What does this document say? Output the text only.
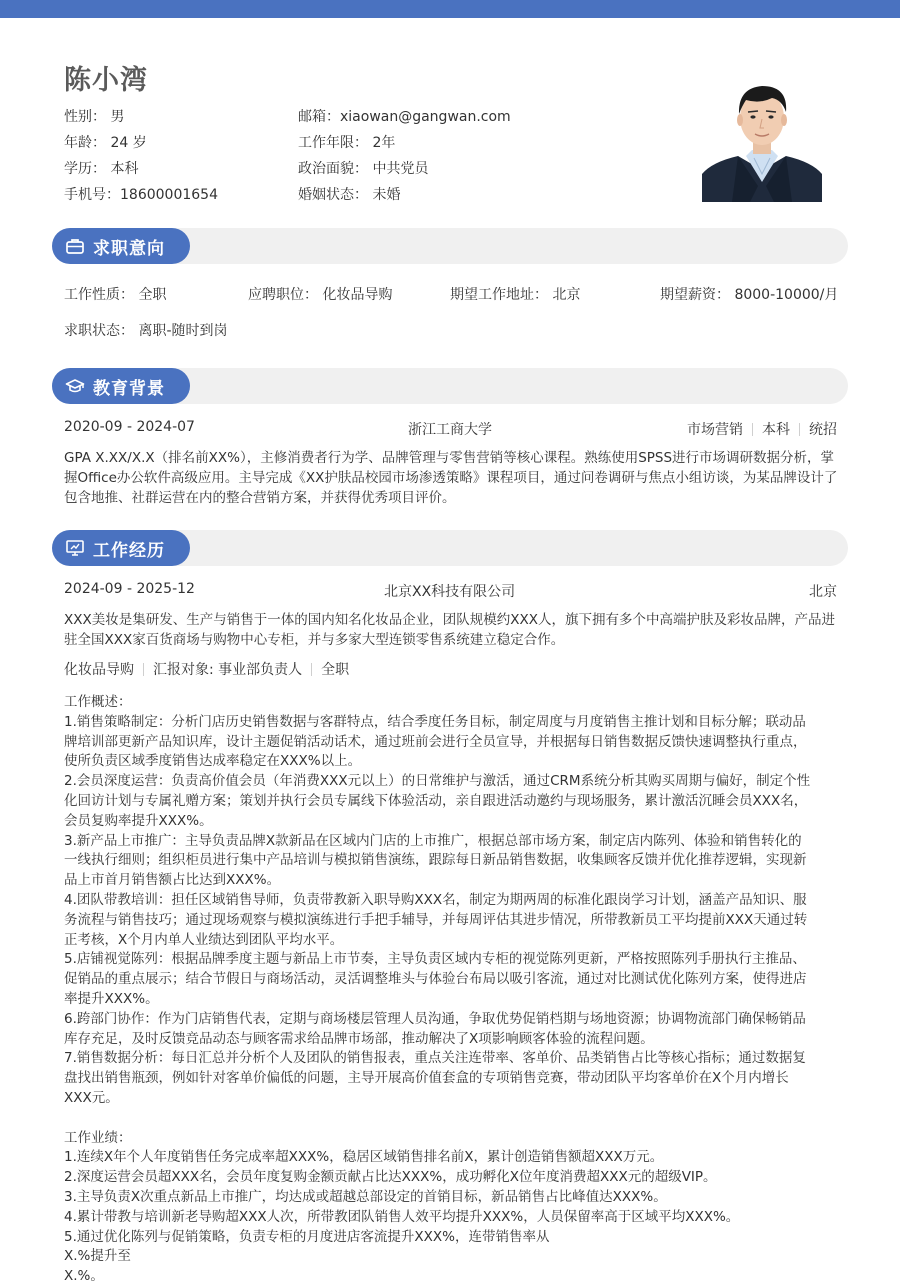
陈小湾
性别： 男	邮箱：xiaowan@gangwan.com
年龄： 24 岁	工作年限： 2年
学历： 本科	政治面貌： 中共党员
手机号：18600001654	婚姻状态： 未婚
求职意向
工作性质： 全职	应聘职位： 化妆品导购	期望工作地址： 北京	期望薪资： 8000-10000/月
求职状态： 离职-随时到岗
教育背景
2020-09 - 2024-07	浙江工商大学	市场营销 本科 统招
GPA X.XX/X.X（排名前XX%），主修消费者行为学、品牌管理与零售营销等核心课程。熟练使用SPSS进行市场调研数据分析，掌握Office办公软件高级应用。主导完成《XX护肤品校园市场渗透策略》课程项目，通过问卷调研与焦点小组访谈，为某品牌设计了包含地推、社群运营在内的整合营销方案，并获得优秀项目评价。
工作经历
2024-09 - 2025-12	北京XX科技有限公司	北京
XXX美妆是集研发、生产与销售于一体的国内知名化妆品企业，团队规模约XXX人，旗下拥有多个中高端护肤及彩妆品牌，产品进驻全国XXX家百货商场与购物中心专柜，并与多家大型连锁零售系统建立稳定合作。
化妆品导购 汇报对象: 事业部负责人 全职
工作概述：
1.销售策略制定：分析门店历史销售数据与客群特点，结合季度任务目标，制定周度与月度销售主推计划和目标分解；联动品
牌培训部更新产品知识库，设计主题促销活动话术，通过班前会进行全员宣导，并根据每日销售数据反馈快速调整执行重点，
使所负责区域季度销售达成率稳定在XXX%以上。
2.会员深度运营：负责高价值会员（年消费XXX元以上）的日常维护与激活，通过CRM系统分析其购买周期与偏好，制定个性
化回访计划与专属礼赠方案；策划并执行会员专属线下体验活动，亲自跟进活动邀约与现场服务，累计激活沉睡会员XXX名，
会员复购率提升XXX%。
3.新产品上市推广：主导负责品牌X款新品在区域内门店的上市推广，根据总部市场方案，制定店内陈列、体验和销售转化的
一线执行细则；组织柜员进行集中产品培训与模拟销售演练，跟踪每日新品销售数据，收集顾客反馈并优化推荐逻辑，实现新
品上市首月销售额占比达到XXX%。
4.团队带教培训：担任区域销售导师，负责带教新入职导购XXX名，制定为期两周的标准化跟岗学习计划，涵盖产品知识、服
务流程与销售技巧；通过现场观察与模拟演练进行手把手辅导，并每周评估其进步情况，所带教新员工平均提前XXX天通过转
正考核，X个月内单人业绩达到团队平均水平。
5.店铺视觉陈列：根据品牌季度主题与新品上市节奏，主导负责区域内专柜的视觉陈列更新，严格按照陈列手册执行主推品、
促销品的重点展示；结合节假日与商场活动，灵活调整堆头与体验台布局以吸引客流，通过对比测试优化陈列方案，使得进店
率提升XXX%。
6.跨部门协作：作为门店销售代表，定期与商场楼层管理人员沟通，争取优势促销档期与场地资源；协调物流部门确保畅销品
库存充足，及时反馈竞品动态与顾客需求给品牌市场部，推动解决了X项影响顾客体验的流程问题。
7.销售数据分析：每日汇总并分析个人及团队的销售报表，重点关注连带率、客单价、品类销售占比等核心指标；通过数据复
盘找出销售瓶颈，例如针对客单价偏低的问题，主导开展高价值套盒的专项销售竞赛，带动团队平均客单价在X个月内增长
XXX元。
工作业绩：
1.连续X年个人年度销售任务完成率超XXX%，稳居区域销售排名前X，累计创造销售额超XXX万元。
2.深度运营会员超XXX名，会员年度复购金额贡献占比达XXX%，成功孵化X位年度消费超XXX元的超级VIP。
3.主导负责X次重点新品上市推广，均达成或超越总部设定的首销目标，新品销售占比峰值达XXX%。
4.累计带教与培训新老导购超XXX人次，所带教团队销售人效平均提升XXX%，人员保留率高于区域平均XXX%。
5.通过优化陈列与促销策略，负责专柜的月度进店客流提升XXX%，连带销售率从
X.%提升至
X.%。
